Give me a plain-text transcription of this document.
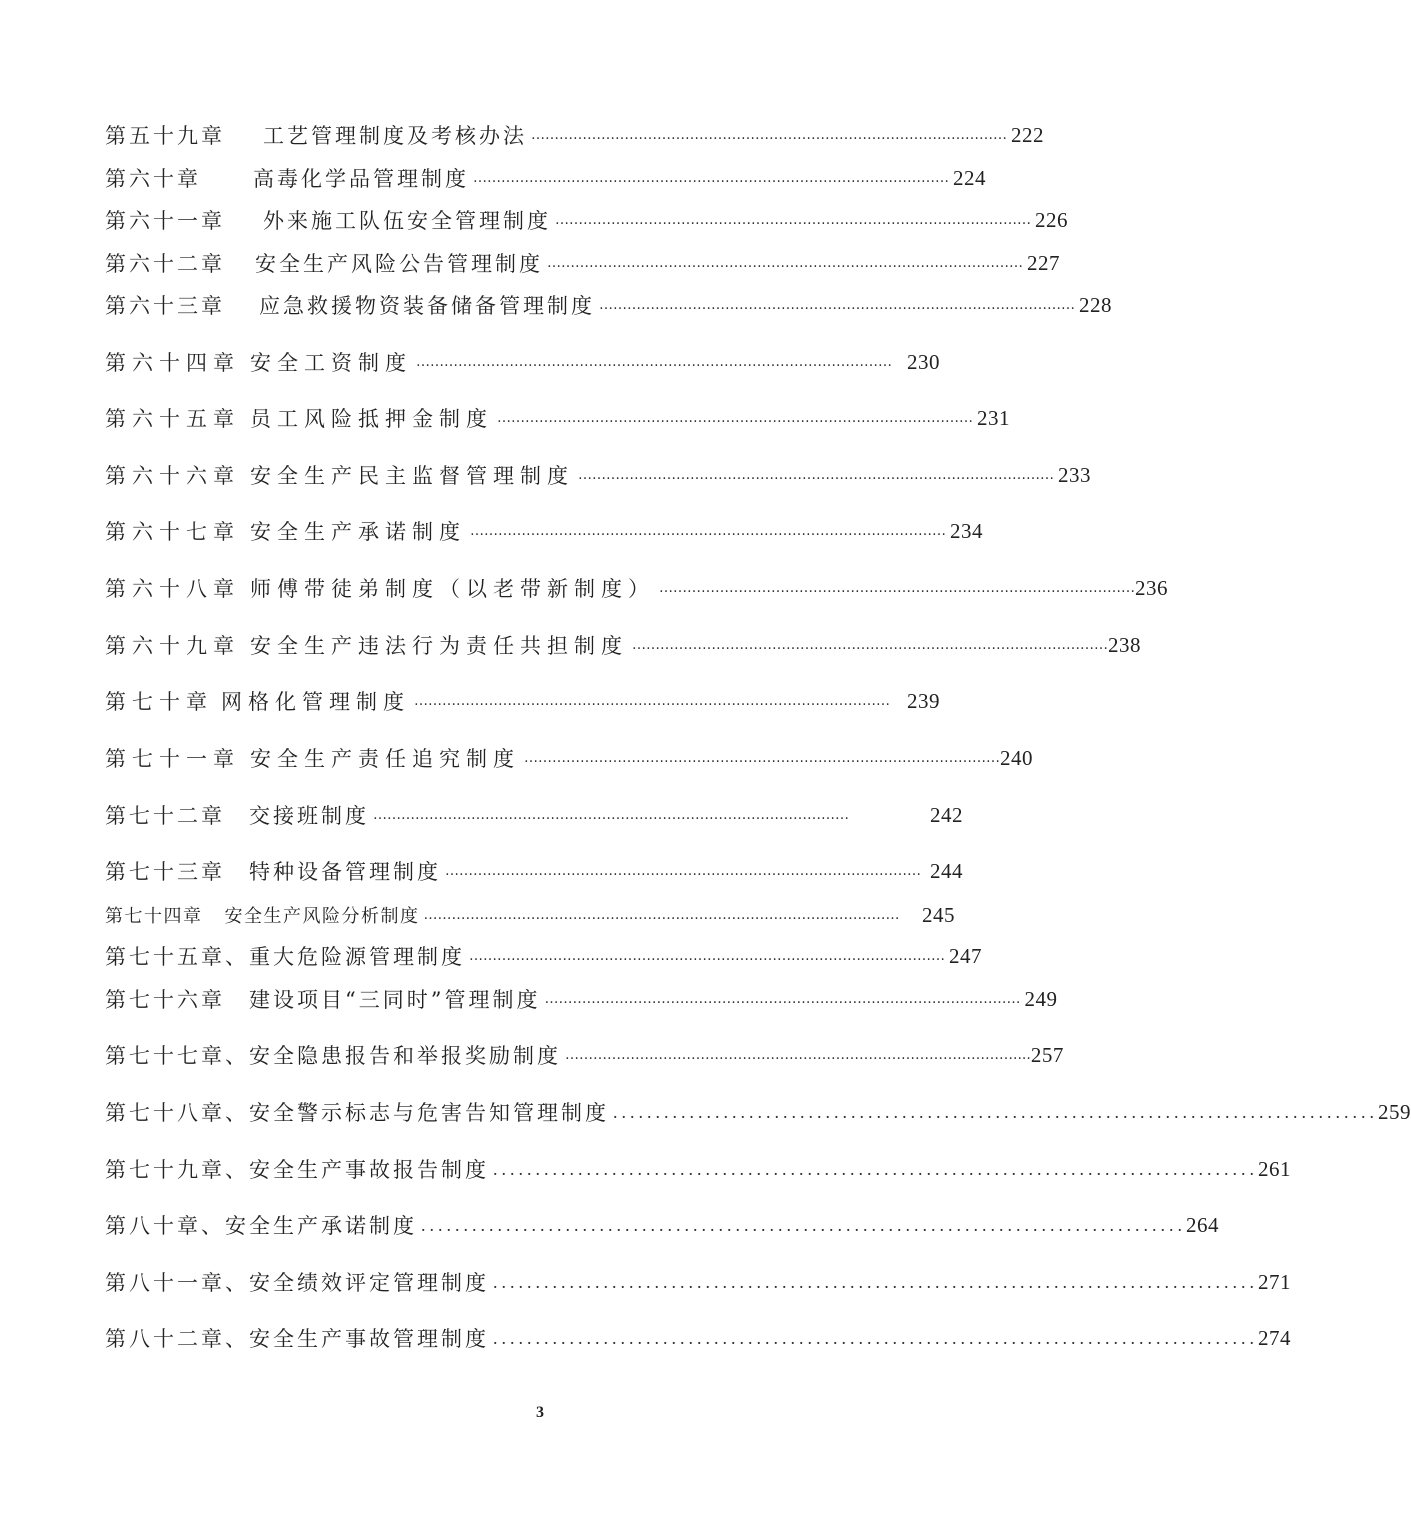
第五十九章 工艺管理制度及考核办法 ………………………………………………………………………………………… 222
第六十章 高毒化学品管理制度 ………………………………………………………………………………………… 224
第六十一章 外来施工队伍安全管理制度 ………………………………………………………………………………………… 226
第六十二章 安全生产风险公告管理制度 ………………………………………………………………………………………… 227
第六十三章 应急救援物资装备储备管理制度 ………………………………………………………………………………………… 228
第六十四章 安全工资制度 ………………………………………………………………………………………… 230
第六十五章 员工风险抵押金制度 ………………………………………………………………………………………… 231
第六十六章 安全生产民主监督管理制度 ………………………………………………………………………………………… 233
第六十七章 安全生产承诺制度 ………………………………………………………………………………………… 234
第六十八章 师傅带徒弟制度（以老带新制度） ………………………………………………………………………………………… 236
第六十九章 安全生产违法行为责任共担制度 ………………………………………………………………………………………… 238
第七十章 网格化管理制度 ………………………………………………………………………………………… 239
第七十一章 安全生产责任追究制度 ………………………………………………………………………………………… 240
第七十二章 交接班制度 …………………………………………………………………………………………	242
第七十三章 特种设备管理制度 ………………………………………………………………………………………… 244
第七十四章 安全生产风险分析制度 …………………………………………………………………………………………	245
第七十五章、 重大危险源管理制度 ………………………………………………………………………………………… 247
第七十六章 建设项目“三同时”管理制度 ………………………………………………………………………………………… 249
第七十七章、 安全隐患报告和举报奖励制度 …………………………………………………………………………………….... 257
第七十八章、 安全警示标志与危害告知管理制度 .......................................................................................... 259
第七十九章、 安全生产事故报告制度 .......................................................................................... 261
第八十章、 安全生产承诺制度 .......................................................................................... 264
第八十一章、 安全绩效评定管理制度 .......................................................................................... 271
第八十二章、 安全生产事故管理制度 .......................................................................................... 274
3
